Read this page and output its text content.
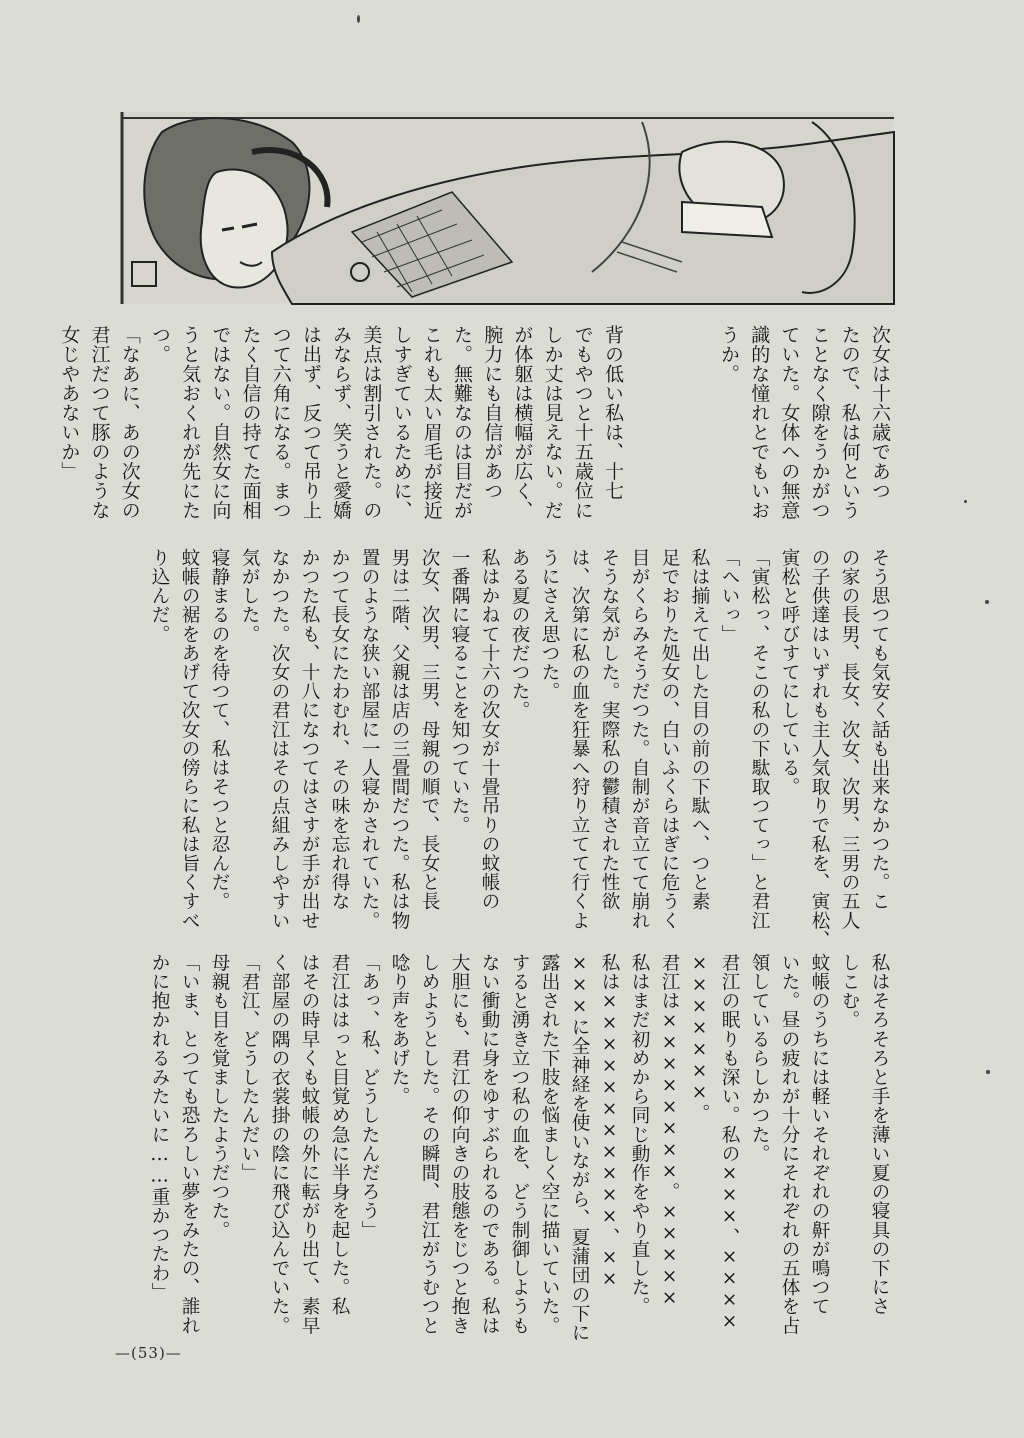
次女は十六歳であつ

たので、私は何という

ことなく隙をうかがつ

ていた。女体への無意

識的な憧れとでもいお

うか。

背の低い私は、十七

でもやつと十五歳位に

しか丈は見えない。だ

が体躯は横幅が広く、

腕力にも自信があつ

た。無難なのは目だが

これも太い眉毛が接近

しすぎているために、

美点は割引された。の

みならず、笑うと愛嬌

は出ず、反つて吊り上

つて六角になる。まつ

たく自信の持てた面相

ではない。自然女に向

うと気おくれが先にた

つ。

「なあに、あの次女の

君江だつて豚のような

女じやあないか」

そう思つても気安く話も出来なかつた。こ

の家の長男、長女、次女、次男、三男の五人

の子供達はいずれも主人気取りで私を、寅松、

寅松と呼びすてにしている。

「寅松っ、そこの私の下駄取つてっ」と君江

「へいっ」

私は揃えて出した目の前の下駄へ、つと素

足でおりた処女の、白いふくらはぎに危うく

目がくらみそうだつた。自制が音立てて崩れ

そうな気がした。実際私の鬱積された性欲

は、次第に私の血を狂暴へ狩り立てて行くよ

うにさえ思つた。

ある夏の夜だつた。

私はかねて十六の次女が十畳吊りの蚊帳の

一番隅に寝ることを知つていた。

次女、次男、三男、母親の順で、長女と長

男は二階、父親は店の三畳間だつた。私は物

置のような狭い部屋に一人寝かされていた。

かつて長女にたわむれ、その味を忘れ得な

かつた私も、十八になつてはさすが手が出せ

なかつた。次女の君江はその点組みしやすい

気がした。

寝静まるのを待つて、私はそつと忍んだ。

蚊帳の裾をあげて次女の傍らに私は旨くすべ

り込んだ。

私はそろそろと手を薄い夏の寝具の下にさ

しこむ。

蚊帳のうちには軽いそれぞれの鼾が鳴つて

いた。昼の疲れが十分にそれぞれの五体を占

領しているらしかつた。

君江の眠りも深い。私の×××、××××

×××××××。

君江は××××××××。×××××

私はまだ初めから同じ動作をやり直した。

私は×××××××××××、××

×××に全神経を使いながら、夏蒲団の下に

露出された下肢を悩ましく空に描いていた。

すると湧き立つ私の血を、どう制御しようも

ない衝動に身をゆすぶられるのである。私は

大胆にも、君江の仰向きの肢態をじつと抱き

しめようとした。その瞬間、君江がうむつと

唸り声をあげた。

「あっ、私、どうしたんだろう」

君江ははっと目覚め急に半身を起した。私

はその時早くも蚊帳の外に転がり出て、素早

く部屋の隅の衣裳掛の陰に飛び込んでいた。

「君江、どうしたんだい」

母親も目を覚ましたようだつた。

「いま、とつても恐ろしい夢をみたの、誰れ

かに抱かれるみたいに……重かつたわ」

—(53)—
